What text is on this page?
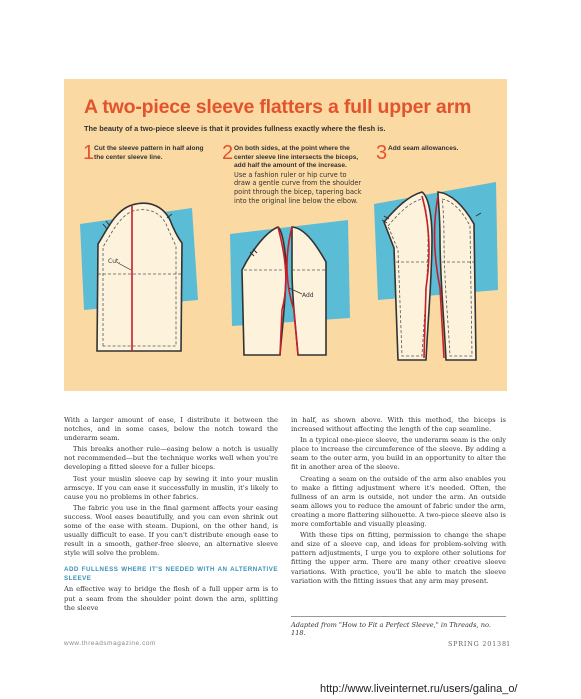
A two-piece sleeve flatters a full upper arm
The beauty of a two-piece sleeve is that it provides fullness exactly where the flesh is.
1 Cut the sleeve pattern in half along the center sleeve line.	2 On both sides, at the point where the center sleeve line intersects the biceps, add half the amount of the increase.
Use a fashion ruler or hip curve to draw a gentle curve from the shoulder point through the bicep, tapering back into the original line below the elbow.
3 Add seam allowances.
Cut.
Add

With a larger amount of ease, I distribute it between the notches, and in some cases, below the notch toward the underarm seam.

This breaks another rule—easing below a notch is usually not recommended—but the technique works well when you're developing a fitted sleeve for a fuller biceps.

Test your muslin sleeve cap by sewing it into your muslin armscye. If you can ease it successfully in muslin, it's likely to cause you no problems in other fabrics.

The fabric you use in the final garment affects your easing success. Wool eases beautifully, and you can even shrink out some of the ease with steam. Dupioni, on the other hand, is usually difficult to ease. If you can't distribute enough ease to result in a smooth, gather-free sleeve, an alternative sleeve style will solve the problem.

ADD FULLNESS WHERE IT'S NEEDED WITH AN ALTERNATIVE SLEEVE

An effective way to bridge the flesh of a full upper arm is to put a seam from the shoulder point down the arm, splitting the sleeve

in half, as shown above. With this method, the biceps is increased without affecting the length of the cap seamline.

In a typical one-piece sleeve, the underarm seam is the only place to increase the circumference of the sleeve. By adding a seam to the outer arm, you build in an opportunity to alter the fit in another area of the sleeve.

Creating a seam on the outside of the arm also enables you to make a fitting adjustment where it's needed. Often, the fullness of an arm is outside, not under the arm. An outside seam allows you to reduce the amount of fabric under the arm, creating a more flattering silhouette. A two-piece sleeve also is more comfortable and visually pleasing.

With these tips on fitting, permission to change the shape and size of a sleeve cap, and ideas for problem-solving with pattern adjustments, I urge you to explore other solutions for fitting the upper arm. There are many other creative sleeve variations. With practice, you'll be able to match the sleeve variation with the fitting issues that any arm may present.

Adapted from "How to Fit a Perfect Sleeve," in Threads, no. 118.
www.threadsmagazine.com	SPRING 2013 81
http://www.liveinternet.ru/users/galina_o/
